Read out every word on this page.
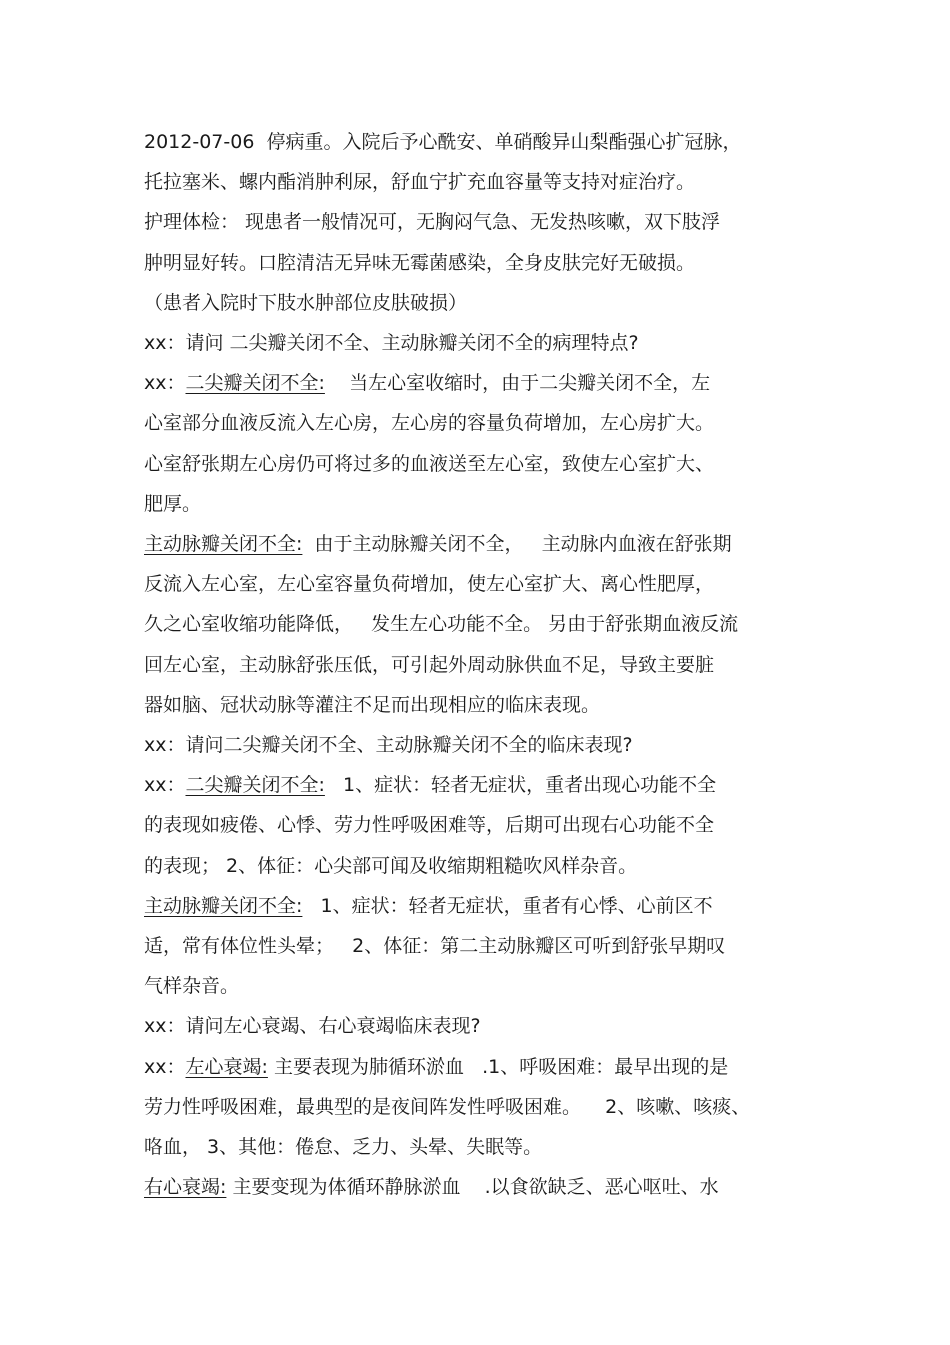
2012-07-06  停病重。入院后予心酰安、单硝酸异山梨酯强心扩冠脉，
托拉塞米、螺内酯消肿利尿，舒血宁扩充血容量等支持对症治疗。
护理体检： 现患者一般情况可，无胸闷气急、无发热咳嗽，双下肢浮
肿明显好转。口腔清洁无异味无霉菌感染，全身皮肤完好无破损。
（患者入院时下肢水肿部位皮肤破损）
xx：请问 二尖瓣关闭不全、主动脉瓣关闭不全的病理特点?
xx：二尖瓣关闭不全:    当左心室收缩时，由于二尖瓣关闭不全，左
心室部分血液反流入左心房，左心房的容量负荷增加，左心房扩大。
心室舒张期左心房仍可将过多的血液送至左心室，致使左心室扩大、
肥厚。
主动脉瓣关闭不全:  由于主动脉瓣关闭不全，   主动脉内血液在舒张期
反流入左心室，左心室容量负荷增加，使左心室扩大、离心性肥厚，
久之心室收缩功能降低，   发生左心功能不全。 另由于舒张期血液反流
回左心室，主动脉舒张压低，可引起外周动脉供血不足，导致主要脏
器如脑、冠状动脉等灌注不足而出现相应的临床表现。
xx：请问二尖瓣关闭不全、主动脉瓣关闭不全的临床表现?
xx：二尖瓣关闭不全:   1、症状：轻者无症状，重者出现心功能不全
的表现如疲倦、心悸、劳力性呼吸困难等，后期可出现右心功能不全
的表现； 2、体征：心尖部可闻及收缩期粗糙吹风样杂音。
主动脉瓣关闭不全:   1、症状：轻者无症状，重者有心悸、心前区不
适，常有体位性头晕；   2、体征：第二主动脉瓣区可听到舒张早期叹
气样杂音。
xx：请问左心衰竭、右心衰竭临床表现?
xx：左心衰竭: 主要表现为肺循环淤血   .1、呼吸困难：最早出现的是
劳力性呼吸困难，最典型的是夜间阵发性呼吸困难。    2、咳嗽、咳痰、
咯血， 3、其他：倦怠、乏力、头晕、失眠等。
右心衰竭: 主要变现为体循环静脉淤血    .以食欲缺乏、恶心呕吐、水
